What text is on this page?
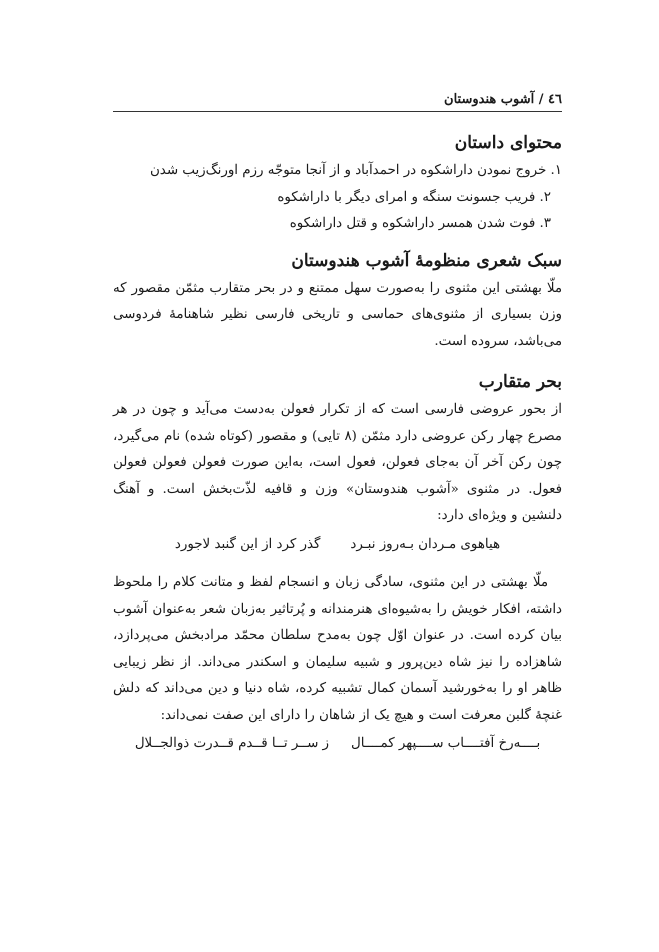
٤٦ / آشوب هندوستان
محتوای داستان
۱. خروج نمودن داراشکوه در احمدآباد و از آنجا متوجّه رزم اورنگ‌زیب شدن
۲. فریب جسونت سنگه و امرای دیگر با داراشکوه
۳. فوت شدن همسر داراشکوه و قتل داراشکوه
سبک شعری منظومهٔ آشوب هندوستان

ملّا بهشتی این مثنوی را به‌صورت سهل ممتنع و در بحر متقارب مثمّن مقصور که وزن بسیاری از مثنوی‌های حماسی و تاریخی فارسی نظیر شاهنامهٔ فردوسی می‌باشد، سروده است.

بحر متقارب

از بحور عروضی فارسی است که از تکرار فعولن به‌دست می‌آید و چون در هر مصرع چهار رکن عروضی دارد مثمّن (۸ تایی) و مقصور (کوتاه شده) نام می‌گیرد، چون رکن آخر آن به‌جای فعولن، فعول است، به‌این صورت فعولن فعولن فعولن فعول. در مثنوی «آشوب هندوستان» وزن و قافیه لذّت‌بخش است. و آهنگ دلنشین و ویژه‌ای دارد:

هیاهوی مـردان بـه‌روز نبـرد
گذر کرد از این گنبد لاجورد

ملّا بهشتی در این مثنوی، سادگی زبان و انسجام لفظ و متانت کلام را ملحوظ داشته، افکار خویش را به‌شیوه‌ای هنرمندانه و پُرتاثیر به‌زبان شعر به‌عنوان آشوب بیان کرده است. در عنوان اوّل چون به‌مدح سلطان محمّد مرادبخش می‌پردازد، شاهزاده را نیز شاه دین‌پرور و شبیه سلیمان و اسکندر می‌داند. از نظر زیبایی ظاهر او را به‌خورشید آسمان کمال تشبیه کرده، شاه دنیا و دین می‌داند که دلش غنچهٔ گلبن معرفت است و هیچ یک از شاهان را دارای این صفت نمی‌داند:

بــــه‌رخ آفتــــاب ســــپهر کمــــال
ز ســر تــا قــدم قــدرت ذوالجــلال
